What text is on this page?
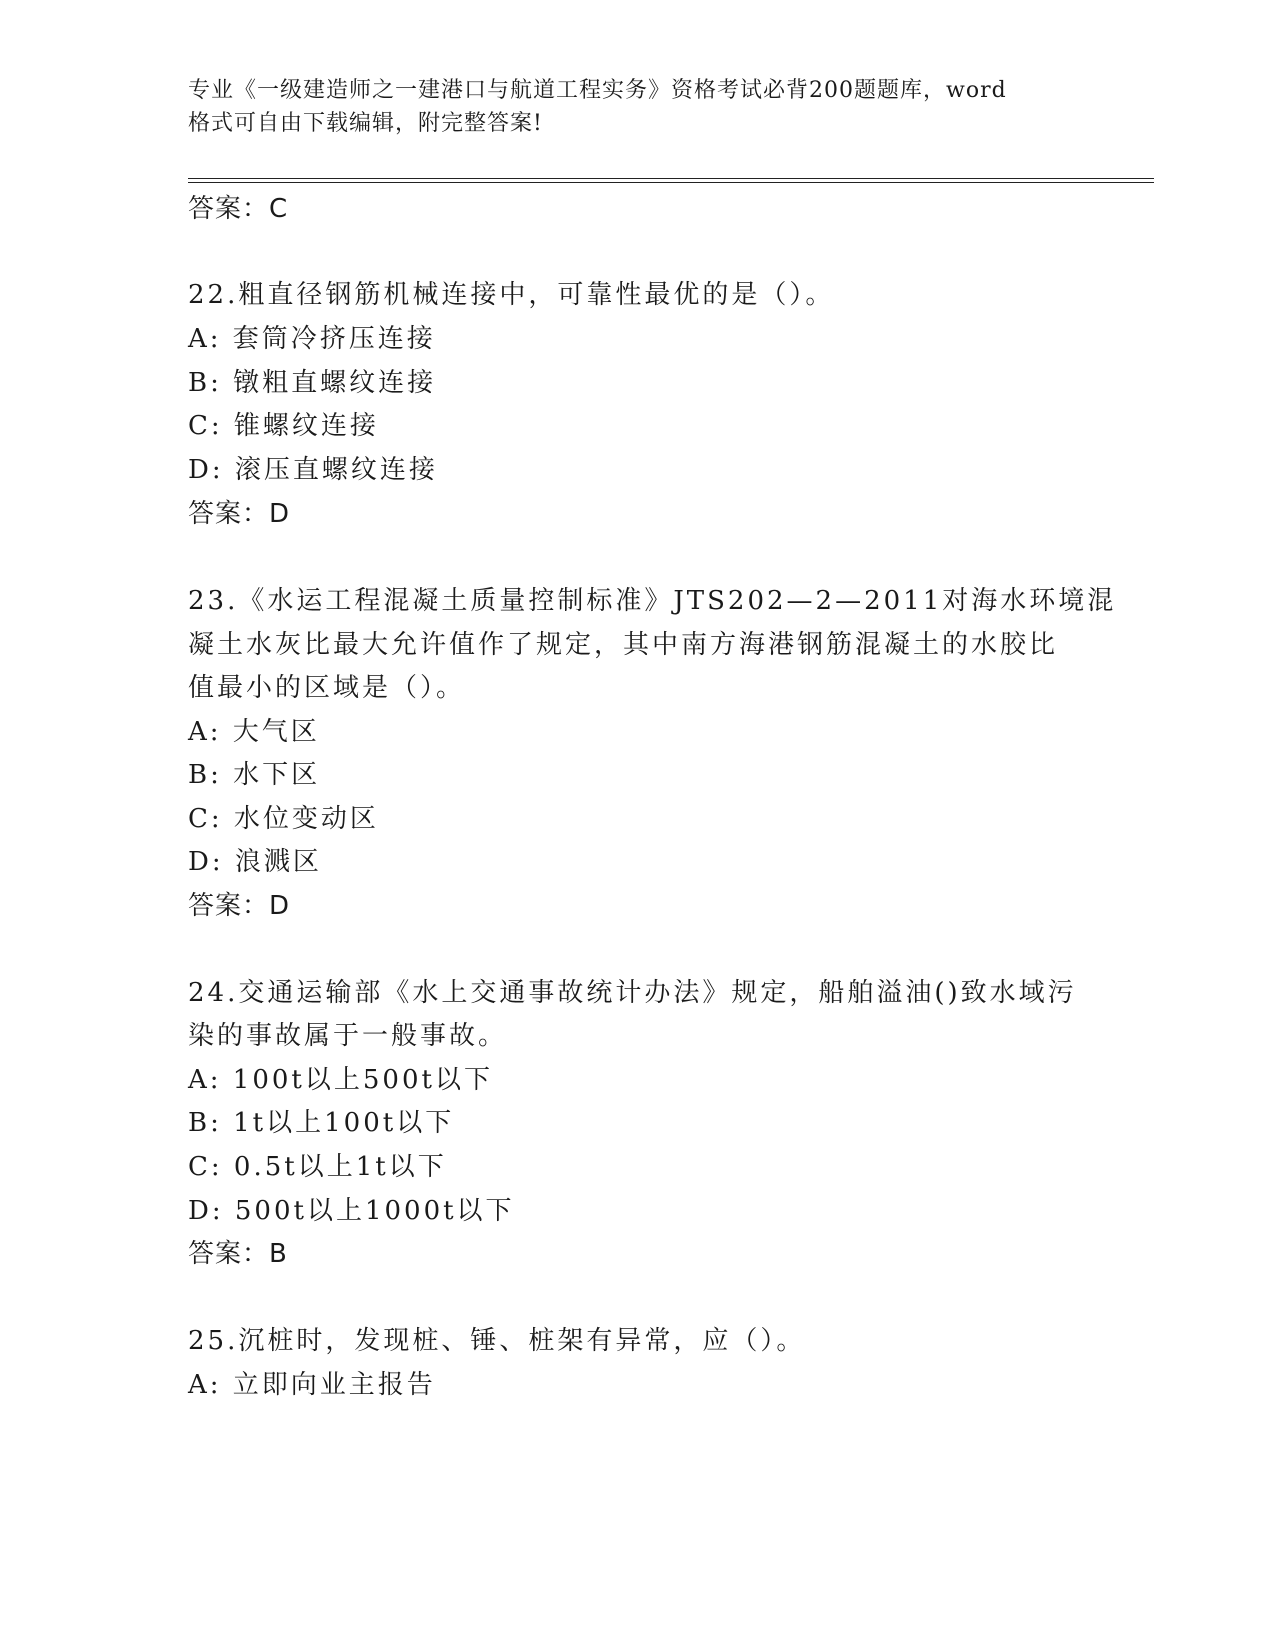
专业《一级建造师之一建港口与航道工程实务》资格考试必背200题题库，word
格式可自由下载编辑，附完整答案!
答案：C
22.粗直径钢筋机械连接中，可靠性最优的是（）。
A: 套筒冷挤压连接
B: 镦粗直螺纹连接
C: 锥螺纹连接
D: 滚压直螺纹连接
答案：D
23.《水运工程混凝土质量控制标准》JTS202—2—2011对海水环境混
凝土水灰比最大允许值作了规定，其中南方海港钢筋混凝土的水胶比
值最小的区域是（）。
A: 大气区
B: 水下区
C: 水位变动区
D: 浪溅区
答案：D
24.交通运输部《水上交通事故统计办法》规定，船舶溢油()致水域污
染的事故属于一般事故。
A: 100t以上500t以下
B: 1t以上100t以下
C: 0.5t以上1t以下
D: 500t以上1000t以下
答案：B
25.沉桩时，发现桩、锤、桩架有异常，应（）。
A: 立即向业主报告
